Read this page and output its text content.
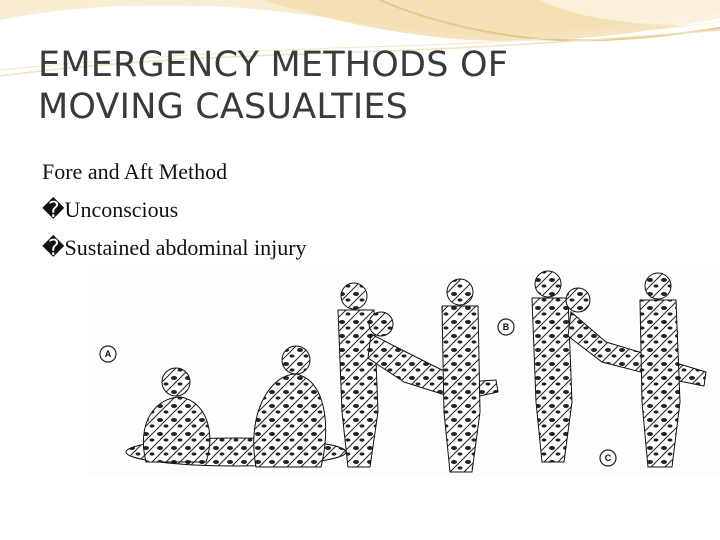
EMERGENCY METHODS OF
MOVING CASUALTIES
Fore and Aft Method
�Unconscious
�Sustained abdominal injury
A
B
C
